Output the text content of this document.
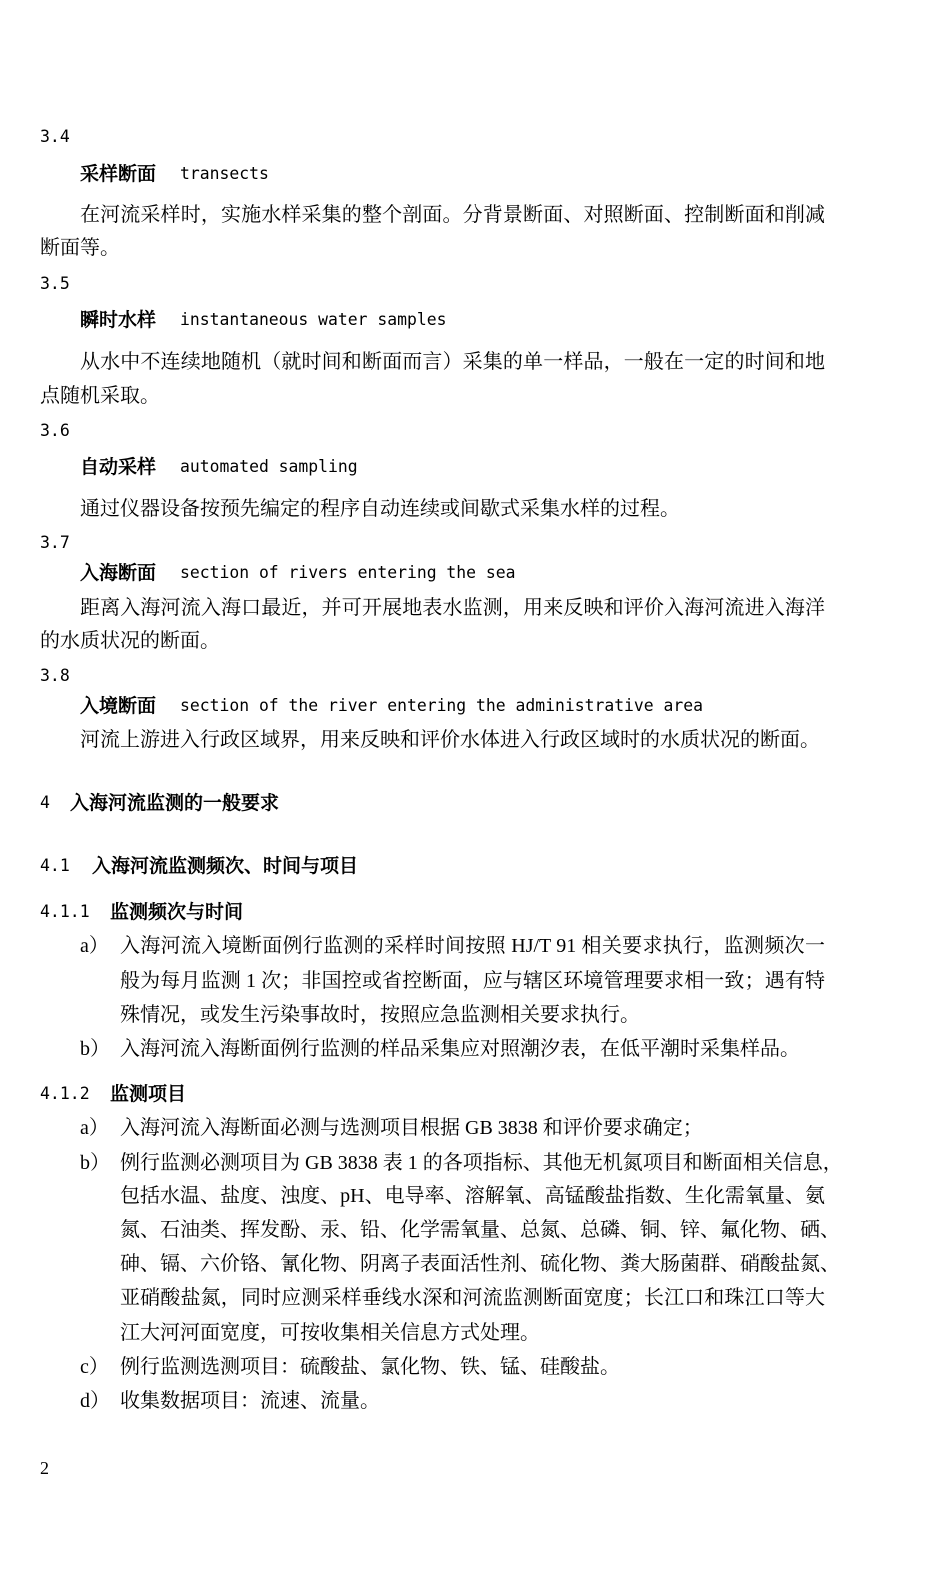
3.4
采样断面 transects
在河流采样时，实施水样采集的整个剖面。分背景断面、对照断面、控制断面和削减
断面等。
3.5
瞬时水样 instantaneous water samples
从水中不连续地随机（就时间和断面而言）采集的单一样品，一般在一定的时间和地
点随机采取。
3.6
自动采样 automated sampling
通过仪器设备按预先编定的程序自动连续或间歇式采集水样的过程。
3.7
入海断面 section of rivers entering the sea
距离入海河流入海口最近，并可开展地表水监测，用来反映和评价入海河流进入海洋
的水质状况的断面。
3.8
入境断面 section of the river entering the administrative area
河流上游进入行政区域界，用来反映和评价水体进入行政区域时的水质状况的断面。
4 入海河流监测的一般要求
4.1 入海河流监测频次、时间与项目
4.1.1 监测频次与时间
a） 入海河流入境断面例行监测的采样时间按照 HJ/T 91 相关要求执行，监测频次一
般为每月监测 1 次；非国控或省控断面，应与辖区环境管理要求相一致；遇有特
殊情况，或发生污染事故时，按照应急监测相关要求执行。
b） 入海河流入海断面例行监测的样品采集应对照潮汐表，在低平潮时采集样品。
4.1.2 监测项目
a） 入海河流入海断面必测与选测项目根据 GB 3838 和评价要求确定；
b） 例行监测必测项目为 GB 3838 表 1 的各项指标、其他无机氮项目和断面相关信息，
包括水温、盐度、浊度、pH、电导率、溶解氧、高锰酸盐指数、生化需氧量、氨
氮、石油类、挥发酚、汞、铅、化学需氧量、总氮、总磷、铜、锌、氟化物、硒、
砷、镉、六价铬、氰化物、阴离子表面活性剂、硫化物、粪大肠菌群、硝酸盐氮、
亚硝酸盐氮，同时应测采样垂线水深和河流监测断面宽度；长江口和珠江口等大
江大河河面宽度，可按收集相关信息方式处理。
c） 例行监测选测项目：硫酸盐、氯化物、铁、锰、硅酸盐。
d） 收集数据项目：流速、流量。
2
